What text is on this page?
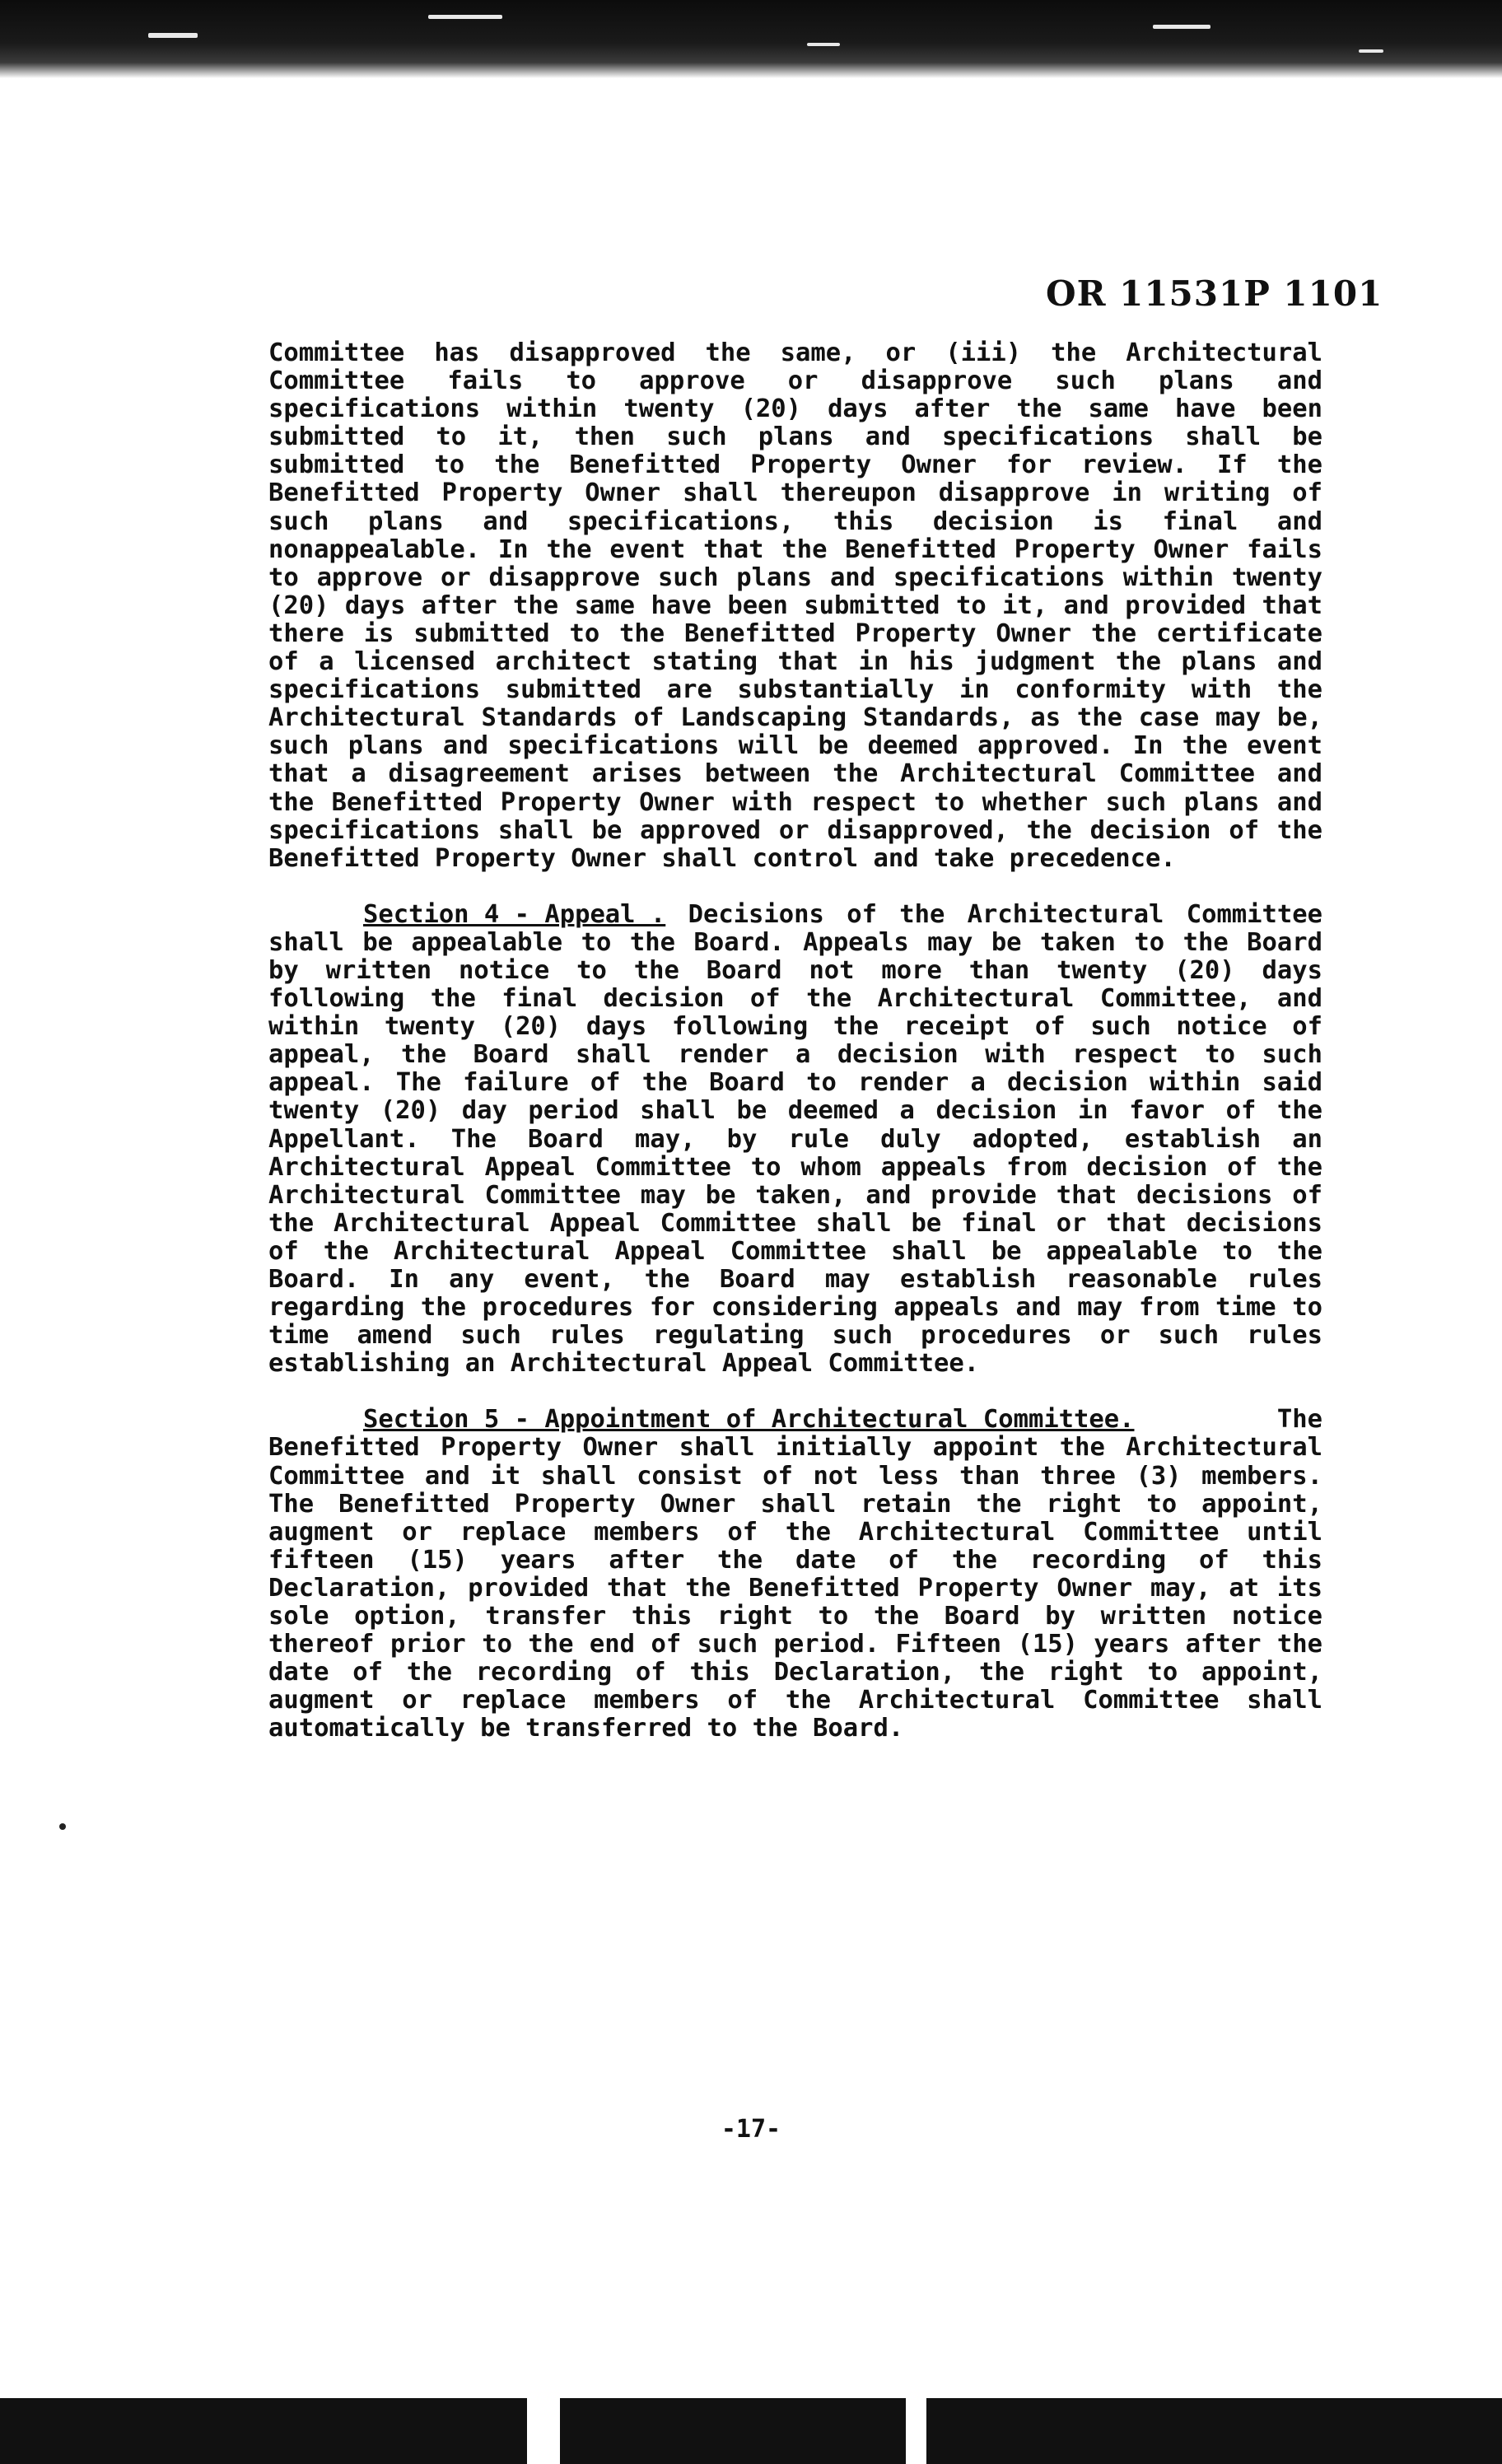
OR 11531P 1101

Committee has disapproved the same, or (iii) the Architectural Committee fails to approve or disapprove such plans and specifications within twenty (20) days after the same have been submitted to it, then such plans and specifications shall be submitted to the Benefitted Property Owner for review. If the Benefitted Property Owner shall thereupon disapprove in writing of such plans and specifications, this decision is final and nonappealable. In the event that the Benefitted Property Owner fails to approve or disapprove such plans and specifications within twenty (20) days after the same have been submitted to it, and provided that there is submitted to the Benefitted Property Owner the certificate of a licensed architect stating that in his judgment the plans and specifications submitted are substantially in conformity with the Architectural Standards of Landscaping Standards, as the case may be, such plans and specifications will be deemed approved. In the event that a disagreement arises between the Architectural Committee and the Benefitted Property Owner with respect to whether such plans and specifications shall be approved or disapproved, the decision of the Benefitted Property Owner shall control and take precedence.

Section 4 - Appeal . Decisions of the Architectural Committee shall be appealable to the Board. Appeals may be taken to the Board by written notice to the Board not more than twenty (20) days following the final decision of the Architectural Committee, and within twenty (20) days following the receipt of such notice of appeal, the Board shall render a decision with respect to such appeal. The failure of the Board to render a decision within said twenty (20) day period shall be deemed a decision in favor of the Appellant. The Board may, by rule duly adopted, establish an Architectural Appeal Committee to whom appeals from decision of the Architectural Committee may be taken, and provide that decisions of the Architectural Appeal Committee shall be final or that decisions of the Architectural Appeal Committee shall be appealable to the Board. In any event, the Board may establish reasonable rules regarding the procedures for considering appeals and may from time to time amend such rules regulating such procedures or such rules establishing an Architectural Appeal Committee.

Section 5 - Appointment of Architectural Committee.	The Benefitted Property Owner shall initially appoint the Architectural Committee and it shall consist of not less than three (3) members. The Benefitted Property Owner shall retain the right to appoint, augment or replace members of the Architectural Committee until fifteen (15) years after the date of the recording of this Declaration, provided that the Benefitted Property Owner may, at its sole option, transfer this right to the Board by written notice thereof prior to the end of such period. Fifteen (15) years after the date of the recording of this Declaration, the right to appoint, augment or replace members of the Architectural Committee shall automatically be transferred to the Board.

-17-
